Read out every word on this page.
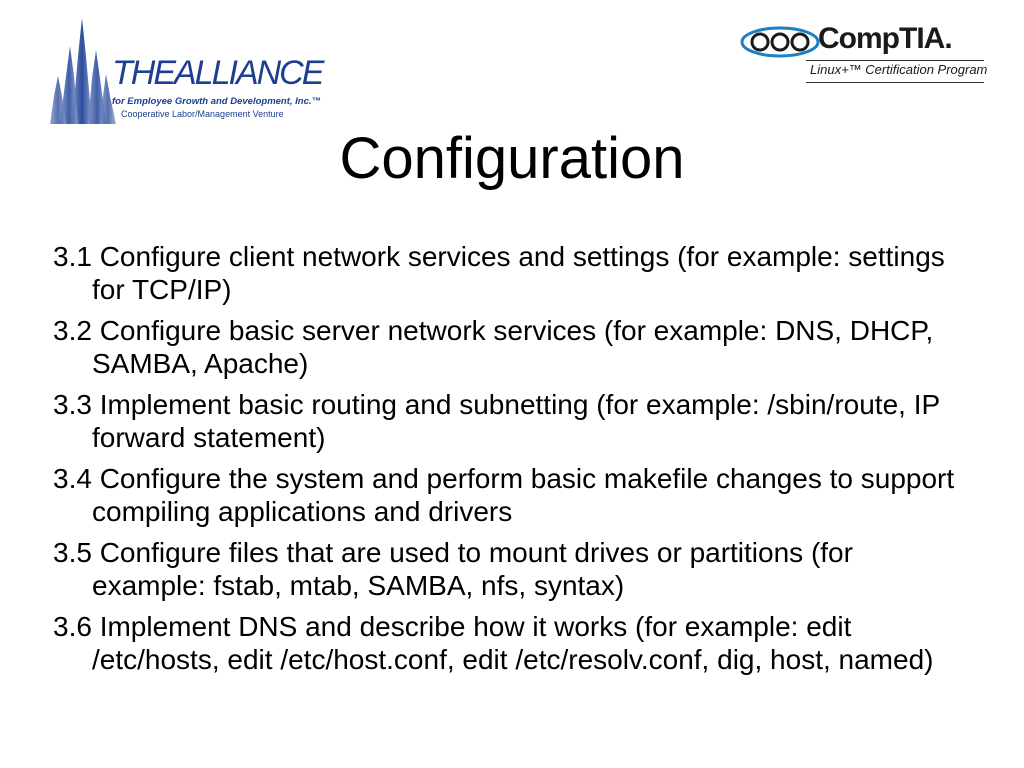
THEALLIANCE
for Employee Growth and Development, Inc.™
Cooperative Labor/Management Venture
CompTIA.
Linux+™ Certification Program
Configuration
3.1 Configure client network services and settings (for example: settings for TCP/IP)
3.2 Configure basic server network services (for example: DNS, DHCP, SAMBA, Apache)
3.3 Implement basic routing and subnetting (for example: /sbin/route, IP forward statement)
3.4 Configure the system and perform basic makefile changes to support compiling applications and drivers
3.5 Configure files that are used to mount drives or partitions (for example: fstab, mtab, SAMBA, nfs, syntax)
3.6 Implement DNS and describe how it works (for example: edit /etc/hosts, edit /etc/host.conf, edit /etc/resolv.conf, dig, host, named)
